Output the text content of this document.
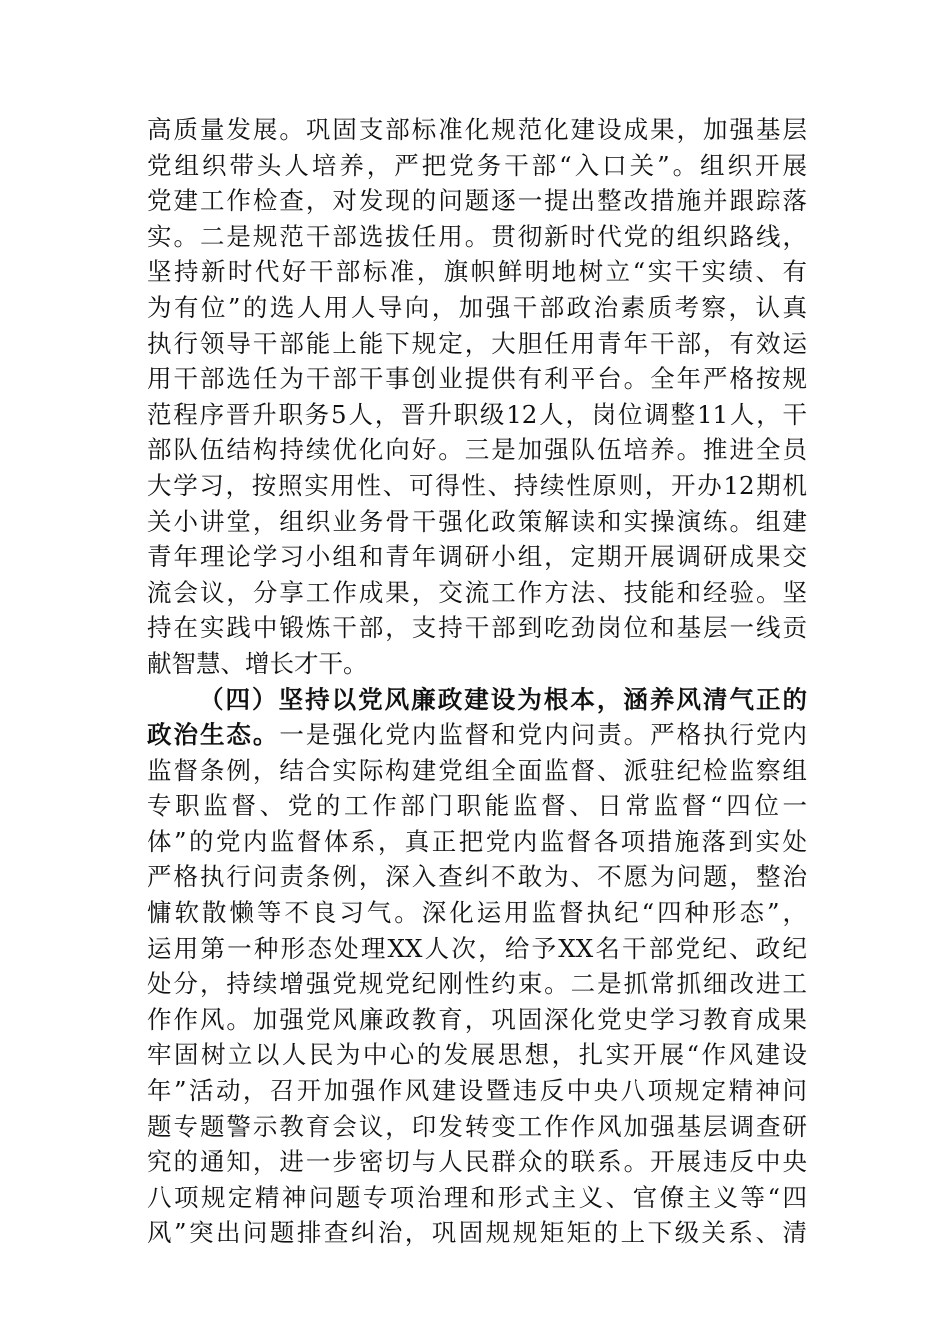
高质量发展。巩固支部标准化规范化建设成果，加强基层
党组织带头人培养，严把党务干部“入口关”。组织开展
党建工作检查，对发现的问题逐一提出整改措施并跟踪落
实。二是规范干部选拔任用。贯彻新时代党的组织路线，
坚持新时代好干部标准，旗帜鲜明地树立“实干实绩、有
为有位”的选人用人导向，加强干部政治素质考察，认真
执行领导干部能上能下规定，大胆任用青年干部，有效运
用干部选任为干部干事创业提供有利平台。全年严格按规
范程序晋升职务5人，晋升职级12人，岗位调整11人，干
部队伍结构持续优化向好。三是加强队伍培养。推进全员
大学习，按照实用性、可得性、持续性原则，开办12期机
关小讲堂，组织业务骨干强化政策解读和实操演练。组建
青年理论学习小组和青年调研小组，定期开展调研成果交
流会议，分享工作成果，交流工作方法、技能和经验。坚
持在实践中锻炼干部，支持干部到吃劲岗位和基层一线贡
献智慧、增长才干。
（四）坚持以党风廉政建设为根本，涵养风清气正的
政治生态。一是强化党内监督和党内问责。严格执行党内
监督条例，结合实际构建党组全面监督、派驻纪检监察组
专职监督、党的工作部门职能监督、日常监督“四位一
体”的党内监督体系，真正把党内监督各项措施落到实处
严格执行问责条例，深入查纠不敢为、不愿为问题，整治
慵软散懒等不良习气。深化运用监督执纪“四种形态”，
运用第一种形态处理XX人次，给予XX名干部党纪、政纪
处分，持续增强党规党纪刚性约束。二是抓常抓细改进工
作作风。加强党风廉政教育，巩固深化党史学习教育成果
牢固树立以人民为中心的发展思想，扎实开展“作风建设
年”活动，召开加强作风建设暨违反中央八项规定精神问
题专题警示教育会议，印发转变工作作风加强基层调查研
究的通知，进一步密切与人民群众的联系。开展违反中央
八项规定精神问题专项治理和形式主义、官僚主义等“四
风”突出问题排查纠治，巩固规规矩矩的上下级关系、清
